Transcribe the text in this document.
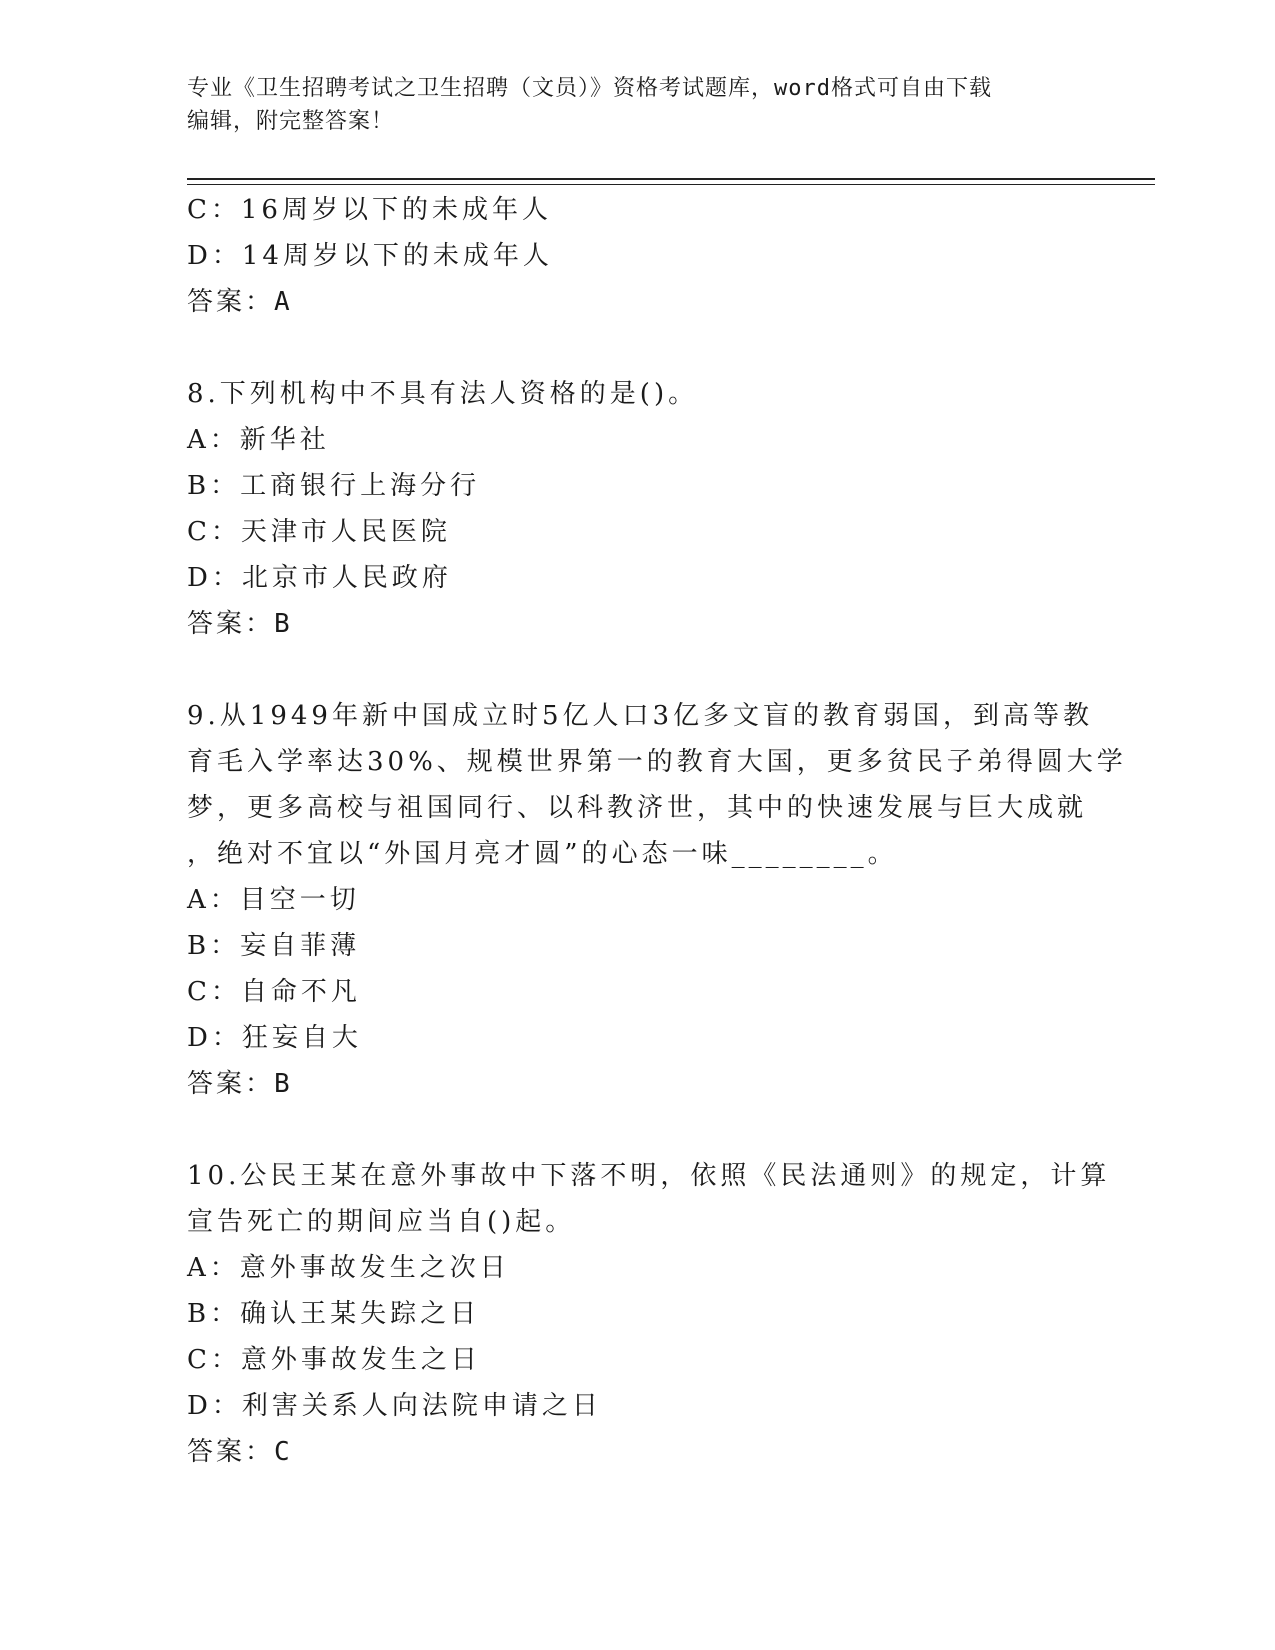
专业《卫生招聘考试之卫生招聘（文员）》资格考试题库，word格式可自由下载
编辑，附完整答案！
C：16周岁以下的未成年人
D：14周岁以下的未成年人
答案：A
8.下列机构中不具有法人资格的是()。
A：新华社
B：工商银行上海分行
C：天津市人民医院
D：北京市人民政府
答案：B
9.从1949年新中国成立时5亿人口3亿多文盲的教育弱国，到高等教
育毛入学率达30%、规模世界第一的教育大国，更多贫民子弟得圆大学
梦，更多高校与祖国同行、以科教济世，其中的快速发展与巨大成就
，绝对不宜以“外国月亮才圆”的心态一味________。
A：目空一切
B：妄自菲薄
C：自命不凡
D：狂妄自大
答案：B
10.公民王某在意外事故中下落不明，依照《民法通则》的规定，计算
宣告死亡的期间应当自()起。
A：意外事故发生之次日
B：确认王某失踪之日
C：意外事故发生之日
D：利害关系人向法院申请之日
答案：C
